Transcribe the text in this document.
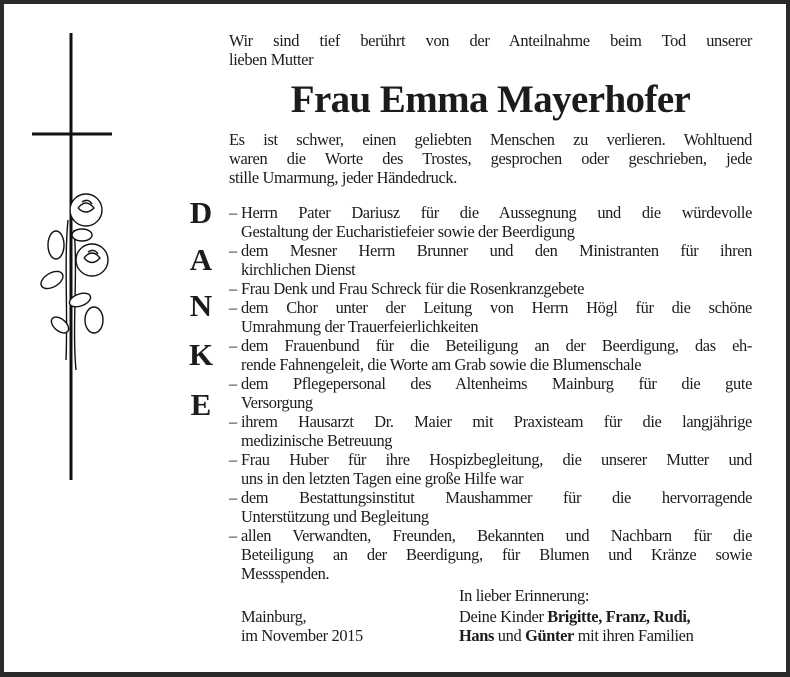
Wir sind tief berührt von der Anteilnahme beim Tod unserer
lieben Mutter
Frau Emma Mayerhofer
Es ist schwer, einen geliebten Menschen zu verlieren. Wohltuend
waren die Worte des Trostes, gesprochen oder geschrieben, jede
stille Umarmung, jeder Händedruck.
D
A
N
K
E
– Herrn Pater Dariusz für die Aussegnung und die würdevolle
Gestaltung der Eucharistiefeier sowie der Beerdigung
– dem Mesner Herrn Brunner und den Ministranten für ihren
kirchlichen Dienst
– Frau Denk und Frau Schreck für die Rosenkranzgebete
– dem Chor unter der Leitung von Herrn Högl für die schöne
Umrahmung der Trauerfeierlichkeiten
– dem Frauenbund für die Beteiligung an der Beerdigung, das eh-
rende Fahnengeleit, die Worte am Grab sowie die Blumenschale
– dem Pflegepersonal des Altenheims Mainburg für die gute
Versorgung
– ihrem Hausarzt Dr. Maier mit Praxisteam für die langjährige
medizinische Betreuung
– Frau Huber für ihre Hospizbegleitung, die unserer Mutter und
uns in den letzten Tagen eine große Hilfe war
– dem Bestattungsinstitut Maushammer für die hervorragende
Unterstützung und Begleitung
– allen Verwandten, Freunden, Bekannten und Nachbarn für die
Beteiligung an der Beerdigung, für Blumen und Kränze sowie
Messspenden.
In lieber Erinnerung:
Mainburg,
im November 2015
Deine Kinder Brigitte, Franz, Rudi,
Hans und Günter mit ihren Familien
